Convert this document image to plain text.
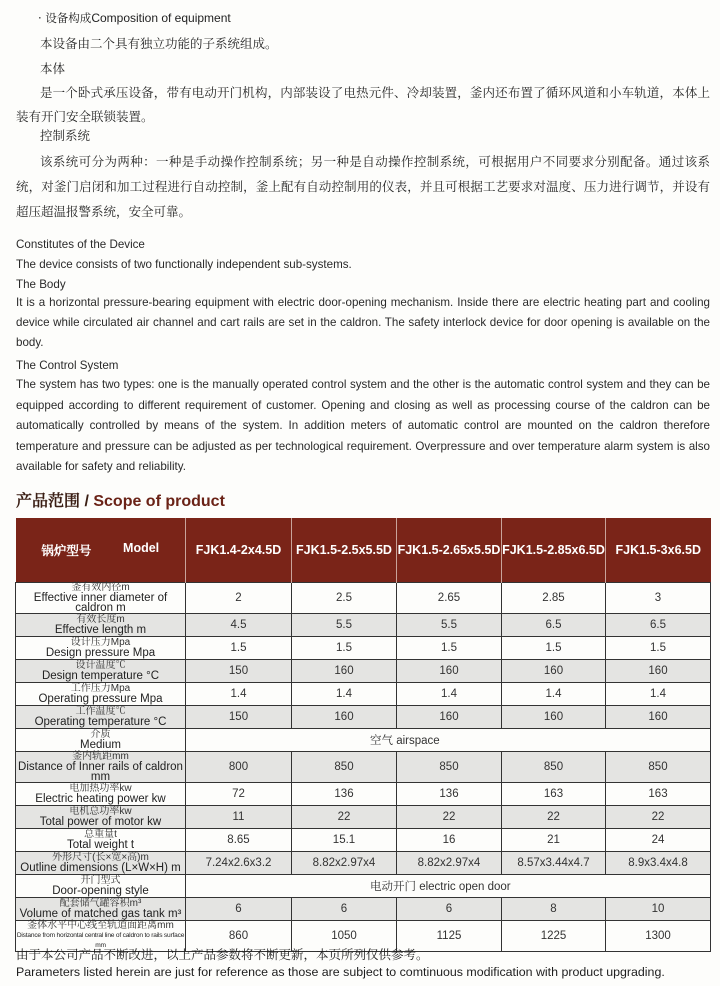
· 设备构成Composition of equipment
本设备由二个具有独立功能的子系统组成。
本体
是一个卧式承压设备，带有电动开门机构，内部装设了电热元件、冷却装置，釜内还布置了循环风道和小车轨道，本体上装有开门安全联锁装置。
控制系统
该系统可分为两种：一种是手动操作控制系统；另一种是自动操作控制系统，可根据用户不同要求分别配备。通过该系统，对釜门启闭和加工过程进行自动控制，釜上配有自动控制用的仪表，并且可根据工艺要求对温度、压力进行调节，并设有超压超温报警系统，安全可靠。
Constitutes of the Device
The device consists of two functionally independent sub-systems.
The Body
It is a horizontal pressure-bearing equipment with electric door-opening mechanism. Inside there are electric heating part and cooling device while circulated air channel and cart rails are set in the caldron. The safety interlock device for door opening is available on the body.
The Control System
The system has two types: one is the manually operated control system and the other is the automatic control system and they can be equipped according to different requirement of customer. Opening and closing as well as processing course of the caldron can be automatically controlled by means of the system. In addition meters of automatic control are mounted on the caldron therefore temperature and pressure can be adjusted as per technological requirement. Overpressure and over temperature alarm system is also available for safety and reliability.
产品范围 / Scope of product
锅炉型号 Model	FJK1.4-2x4.5D	FJK1.5-2.5x5.5D	FJK1.5-2.65x5.5D	FJK1.5-2.85x6.5D	FJK1.5-3x6.5D

釜有效内径m
Effective inner diameter of caldron m	2	2.5	2.65	2.85	3

有效长度m
Effective length m	4.5	5.5	5.5	6.5	6.5

设计压力Mpa
Design pressure Mpa	1.5	1.5	1.5	1.5	1.5

设计温度℃
Design temperature °C	150	160	160	160	160

工作压力Mpa
Operating pressure Mpa	1.4	1.4	1.4	1.4	1.4

工作温度℃
Operating temperature °C	150	160	160	160	160

介质
Medium	空气 airspace				

釜内轨距mm
Distance of Inner rails of caldron mm	800	850	850	850	850

电加热功率kw
Electric heating power kw	72	136	136	163	163

电机总功率kw
Total power of motor kw	11	22	22	22	22

总重量t
Total weight t	8.65	15.1	16	21	24

外形尺寸(长×宽×高)m
Outline dimensions (L×W×H) m	7.24x2.6x3.2	8.82x2.97x4	8.82x2.97x4	8.57x3.44x4.7	8.9x3.4x4.8

开门型式
Door-opening style	电动开门 electric open door				

配套储气罐容积m³
Volume of matched gas tank m³	6	6	6	8	10

釜体水平中心线至轨道面距离mm
Distance from horizontal central line of caldron to rails surface mm	860	1050	1125	1225	1300
由于本公司产品不断改进，以上产品参数将不断更新，本页所列仅供参考。
Parameters listed herein are just for reference as those are subject to comtinuous modification with product upgrading.
